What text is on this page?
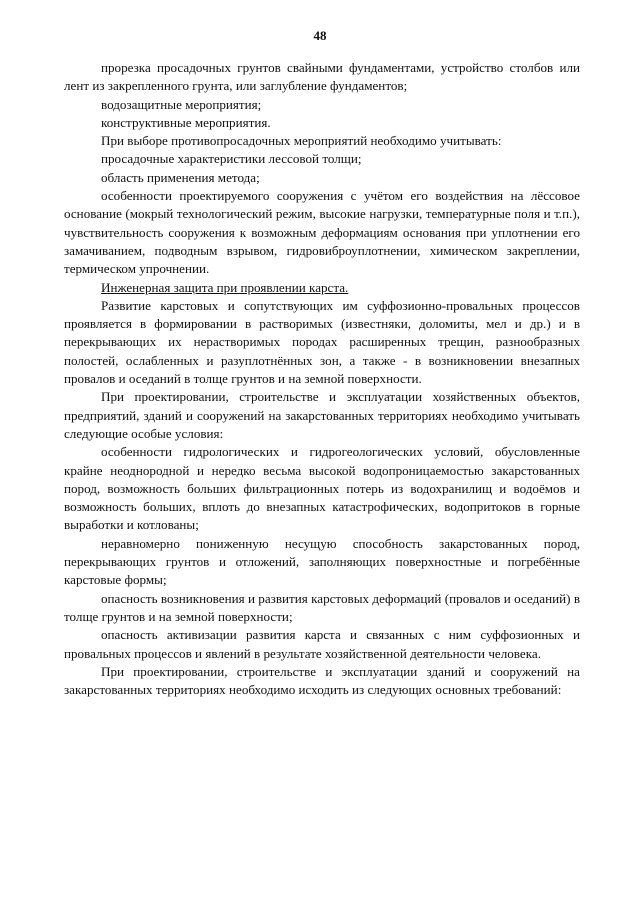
48

прорезка просадочных грунтов свайными фундаментами, устройство столбов или лент из закрепленного грунта, или заглубление фундаментов;

водозащитные мероприятия;

конструктивные мероприятия.

При выборе противопросадочных мероприятий необходимо учитывать:

просадочные характеристики лессовой толщи;

область применения метода;

особенности проектируемого сооружения с учётом его воздействия на лёссовое основание (мокрый технологический режим, высокие нагрузки, температурные поля и т.п.), чувствительность сооружения к возможным деформациям основания при уплотнении его замачиванием, подводным взрывом, гидровиброуплотнении, химическом закреплении, термическом упрочнении.

Инженерная защита при проявлении карста.

Развитие карстовых и сопутствующих им суффозионно-провальных процессов проявляется в формировании в растворимых (известняки, доломиты, мел и др.) и в перекрывающих их нерастворимых породах расширенных трещин, разнообразных полостей, ослабленных и разуплотнённых зон, а также - в возникновении внезапных провалов и оседаний в толще грунтов и на земной поверхности.

При проектировании, строительстве и эксплуатации хозяйственных объектов, предприятий, зданий и сооружений на закарстованных территориях необходимо учитывать следующие особые условия:

особенности гидрологических и гидрогеологических условий, обусловленные крайне неоднородной и нередко весьма высокой водопроницаемостью закарстованных пород, возможность больших фильтрационных потерь из водохранилищ и водоёмов и возможность больших, вплоть до внезапных катастрофических, водопритоков в горные выработки и котлованы;

неравномерно пониженную несущую способность закарстованных пород, перекрывающих грунтов и отложений, заполняющих поверхностные и погребённые карстовые формы;

опасность возникновения и развития карстовых деформаций (провалов и оседаний) в толще грунтов и на земной поверхности;

опасность активизации развития карста и связанных с ним суффозионных и провальных процессов и явлений в результате хозяйственной деятельности человека.

При проектировании, строительстве и эксплуатации зданий и сооружений на закарстованных территориях необходимо исходить из следующих основных требований:
